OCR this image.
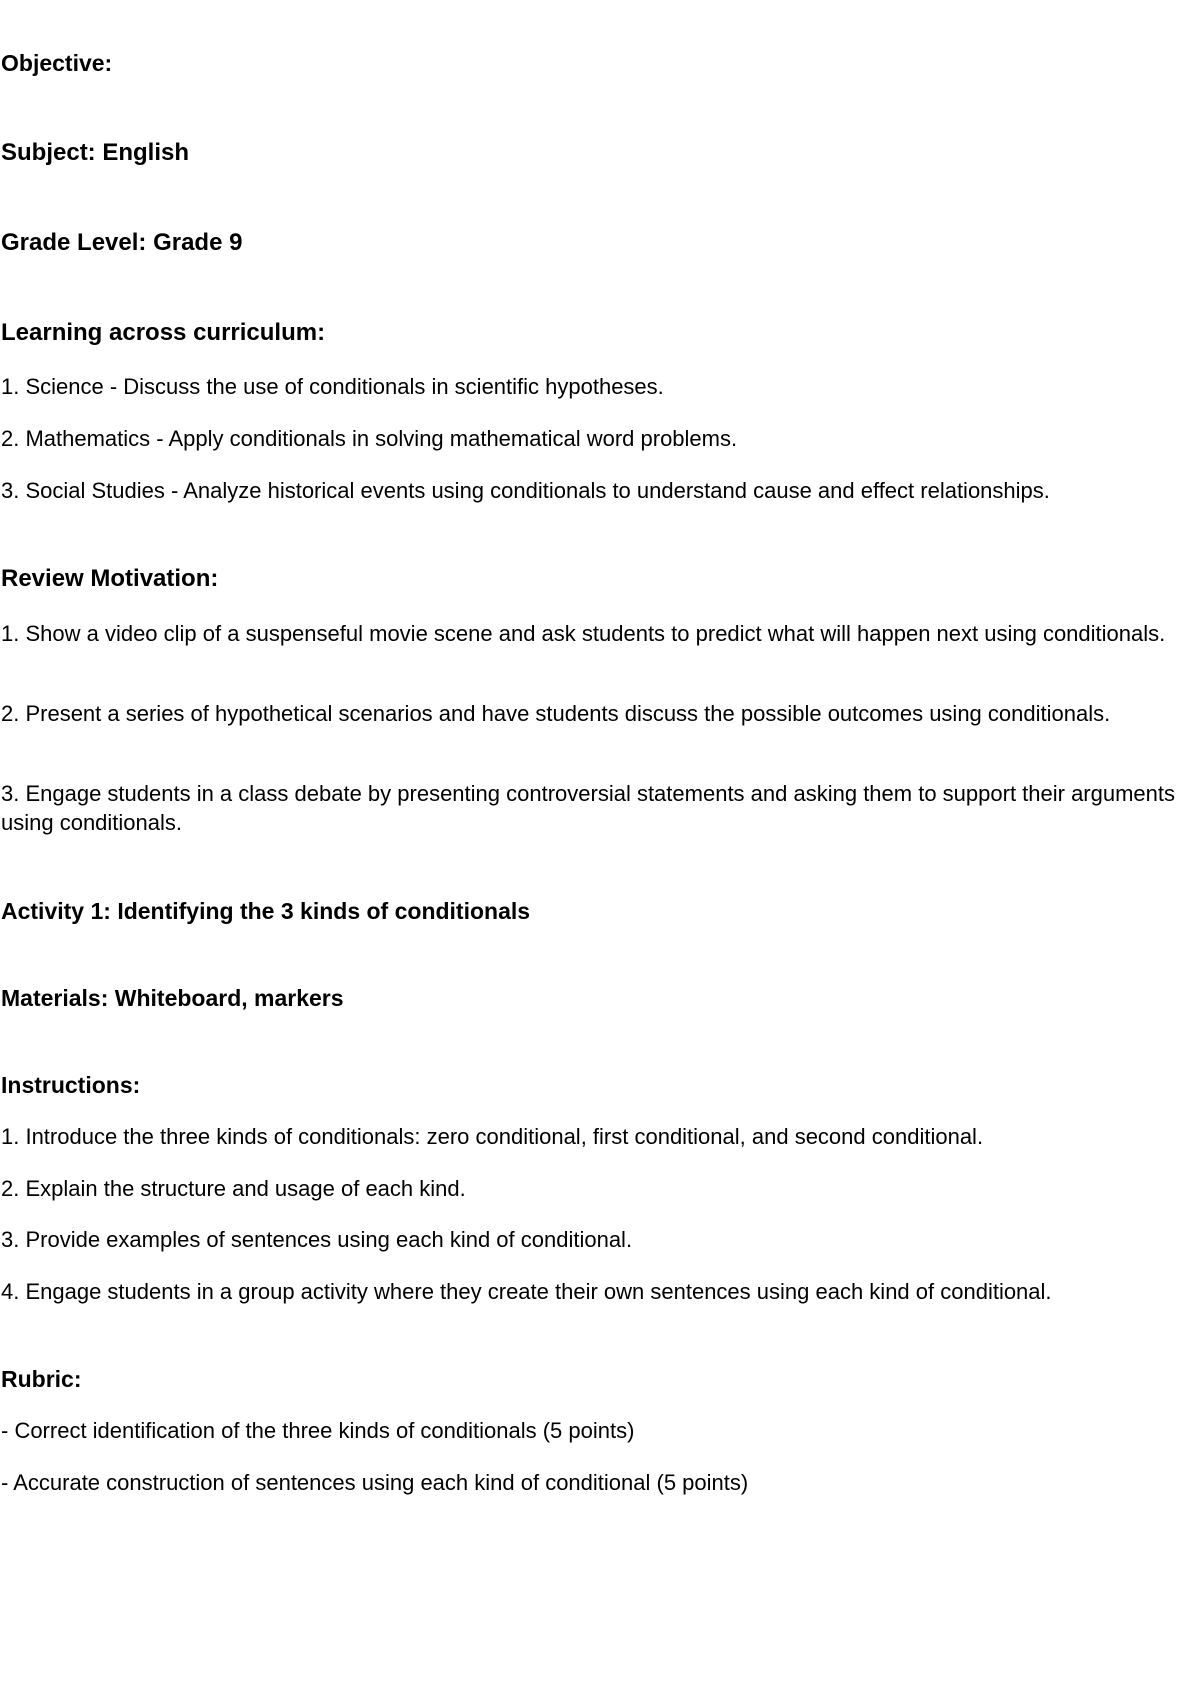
Objective:
Subject: English
Grade Level: Grade 9
Learning across curriculum:
1. Science - Discuss the use of conditionals in scientific hypotheses.
2. Mathematics - Apply conditionals in solving mathematical word problems.
3. Social Studies - Analyze historical events using conditionals to understand cause and effect relationships.
Review Motivation:
1. Show a video clip of a suspenseful movie scene and ask students to predict what will happen next using conditionals.
2. Present a series of hypothetical scenarios and have students discuss the possible outcomes using conditionals.
3. Engage students in a class debate by presenting controversial statements and asking them to support their arguments using conditionals.
Activity 1: Identifying the 3 kinds of conditionals
Materials: Whiteboard, markers
Instructions:
1. Introduce the three kinds of conditionals: zero conditional, first conditional, and second conditional.
2. Explain the structure and usage of each kind.
3. Provide examples of sentences using each kind of conditional.
4. Engage students in a group activity where they create their own sentences using each kind of conditional.
Rubric:
- Correct identification of the three kinds of conditionals (5 points)
- Accurate construction of sentences using each kind of conditional (5 points)
